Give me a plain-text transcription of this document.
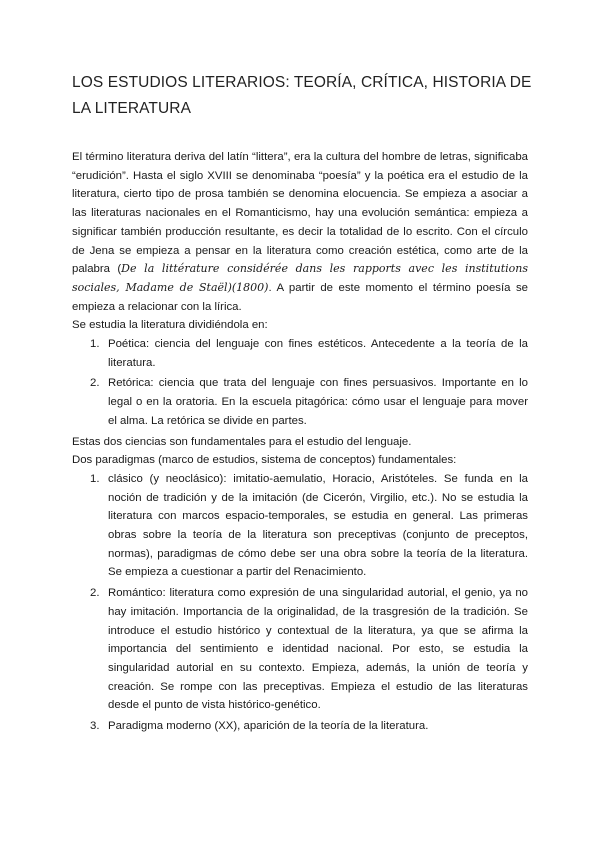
LOS ESTUDIOS LITERARIOS: TEORÍA, CRÍTICA, HISTORIA DE LA LITERATURA

El término literatura deriva del latín “littera”, era la cultura del hombre de letras, significaba “erudición”. Hasta el siglo XVIII se denominaba “poesía” y la poética era el estudio de la literatura, cierto tipo de prosa también se denomina elocuencia. Se empieza a asociar a las literaturas nacionales en el Romanticismo, hay una evolución semántica: empieza a significar también producción resultante, es decir la totalidad de lo escrito. Con el círculo de Jena se empieza a pensar en la literatura como creación estética, como arte de la palabra (De la littérature considérée dans les rapports avec les institutions sociales, Madame de Staël)(1800). A partir de este momento el término poesía se empieza a relacionar con la lírica.

Se estudia la literatura dividiéndola en:

1. Poética: ciencia del lenguaje con fines estéticos. Antecedente a la teoría de la literatura.
2. Retórica: ciencia que trata del lenguaje con fines persuasivos. Importante en lo legal o en la oratoria. En la escuela pitagórica: cómo usar el lenguaje para mover el alma. La retórica se divide en partes.

Estas dos ciencias son fundamentales para el estudio del lenguaje.

Dos paradigmas (marco de estudios, sistema de conceptos) fundamentales:

1. clásico (y neoclásico): imitatio-aemulatio, Horacio, Aristóteles. Se funda en la noción de tradición y de la imitación (de Cicerón, Virgilio, etc.). No se estudia la literatura con marcos espacio-temporales, se estudia en general. Las primeras obras sobre la teoría de la literatura son preceptivas (conjunto de preceptos, normas), paradigmas de cómo debe ser una obra sobre la teoría de la literatura. Se empieza a cuestionar a partir del Renacimiento.
2. Romántico: literatura como expresión de una singularidad autorial, el genio, ya no hay imitación. Importancia de la originalidad, de la trasgresión de la tradición. Se introduce el estudio histórico y contextual de la literatura, ya que se afirma la importancia del sentimiento e identidad nacional. Por esto, se estudia la singularidad autorial en su contexto. Empieza, además, la unión de teoría y creación. Se rompe con las preceptivas. Empieza el estudio de las literaturas desde el punto de vista histórico-genético.
3. Paradigma moderno (XX), aparición de la teoría de la literatura.
